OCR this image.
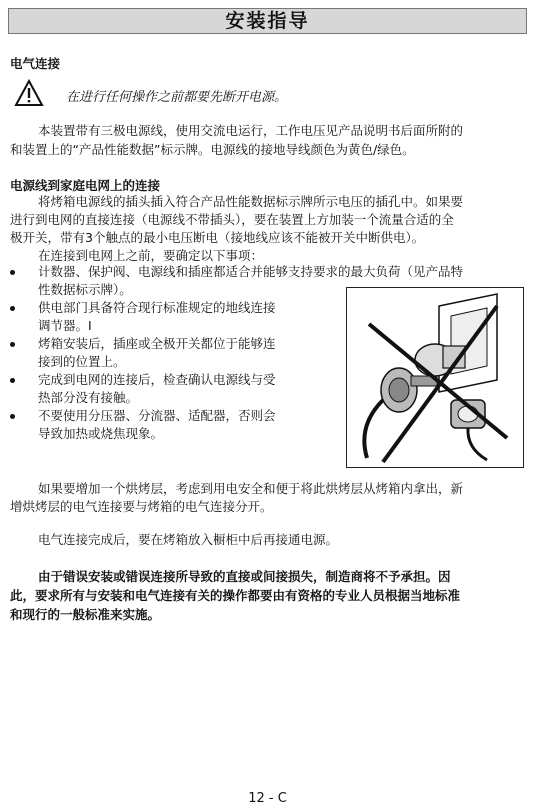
安装指导
电气连接
在进行任何操作之前都要先断开电源。
本装置带有三极电源线，使用交流电运行，工作电压见产品说明书后面所附的
和装置上的“产品性能数据”标示牌。电源线的接地导线颜色为黄色/绿色。
电源线到家庭电网上的连接
将烤箱电源线的插头插入符合产品性能数据标示牌所示电压的插孔中。如果要
进行到电网的直接连接（电源线不带插头），要在装置上方加装一个流量合适的全
极开关，带有3个触点的最小电压断电（接地线应该不能被开关中断供电）。
在连接到电网上之前，要确定以下事项：
计数器、保护阀、电源线和插座都适合并能够支持要求的最大负荷（见产品特
性数据标示牌）。
供电部门具备符合现行标准规定的地线连接
调节器。I
烤箱安装后，插座或全极开关都位于能够连
接到的位置上。
完成到电网的连接后，检查确认电源线与受
热部分没有接触。
不要使用分压器、分流器、适配器，否则会
导致加热或烧焦现象。
如果要增加一个烘烤层，考虑到用电安全和便于将此烘烤层从烤箱内拿出，新
增烘烤层的电气连接要与烤箱的电气连接分开。
电气连接完成后，要在烤箱放入橱柜中后再接通电源。
由于错误安装或错误连接所导致的直接或间接损失，制造商将不予承担。因
此，要求所有与安装和电气连接有关的操作都要由有资格的专业人员根据当地标准
和现行的一般标准来实施。
12 - C
